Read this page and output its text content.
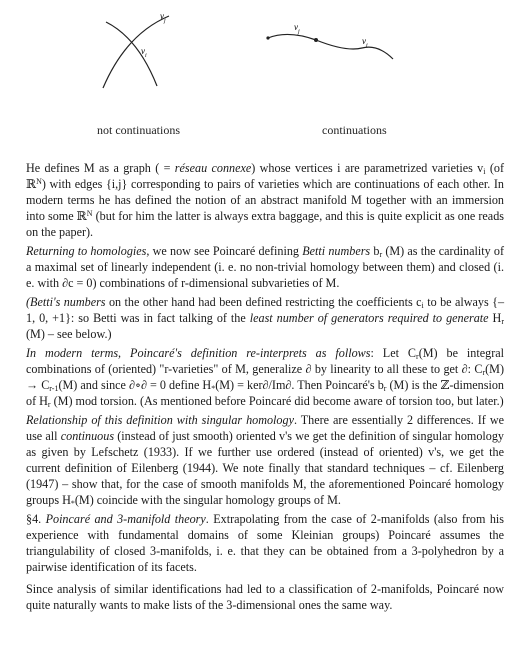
$v_j$
$v_i$
$v_j$
$v_i$
not continuations	continuations

He defines M as a graph ( = réseau connexe) whose vertices i are parametrized varieties $v_i$ (of ℝ$^N$) with edges {i,j} corresponding to pairs of varieties which are continuations of each other. In modern terms he has defined the notion of an abstract manifold M together with an immersion into some ℝ$^N$ (but for him the latter is always extra baggage, and this is quite explicit as one reads on the paper).

Returning to homologies, we now see Poincaré defining Betti numbers $b_r$ (M) as the cardinality of a maximal set of linearly independent (i. e. no non-trivial homology between them) and closed (i. e. with ∂c = 0) combinations of r-dimensional subvarieties of M.

(Betti's numbers on the other hand had been defined restricting the coefficients $c_i$ to be always {–1, 0, +1}: so Betti was in fact talking of the least number of generators required to generate $H_r$ (M) – see below.)

In modern terms, Poincaré's definition re-interprets as follows: Let $C_r(M)$ be integral combinations of (oriented) "r-varieties" of M, generalize ∂ by linearity to all these to get ∂: $C_r(M) \to C_{r-1}(M)$ and since ∂∘∂ = 0 define $H_*(M) = ker\partial/Im\partial$. Then Poincaré's $b_r$ (M) is the ℤ-dimension of $H_r$ (M) mod torsion. (As mentioned before Poincaré did become aware of torsion too, but later.)

Relationship of this definition with singular homology. There are essentially 2 differences. If we use all continuous (instead of just smooth) oriented v's we get the definition of singular homology as given by Lefschetz (1933). If we further use ordered (instead of oriented) v's, we get the current definition of Eilenberg (1944). We note finally that standard techniques – cf. Eilenberg (1947) – show that, for the case of smooth manifolds M, the aforementioned Poincaré homology groups $H_*(M)$ coincide with the singular homology groups of M.

§4. Poincaré and 3-manifold theory. Extrapolating from the case of 2-manifolds (also from his experience with fundamental domains of some Kleinian groups) Poincaré assumes the triangulability of closed 3-manifolds, i. e. that they can be obtained from a 3-polyhedron by a pairwise identification of its facets.

Since analysis of similar identifications had led to a classification of 2-manifolds, Poincaré now quite naturally wants to make lists of the 3-dimensional ones the same way.
